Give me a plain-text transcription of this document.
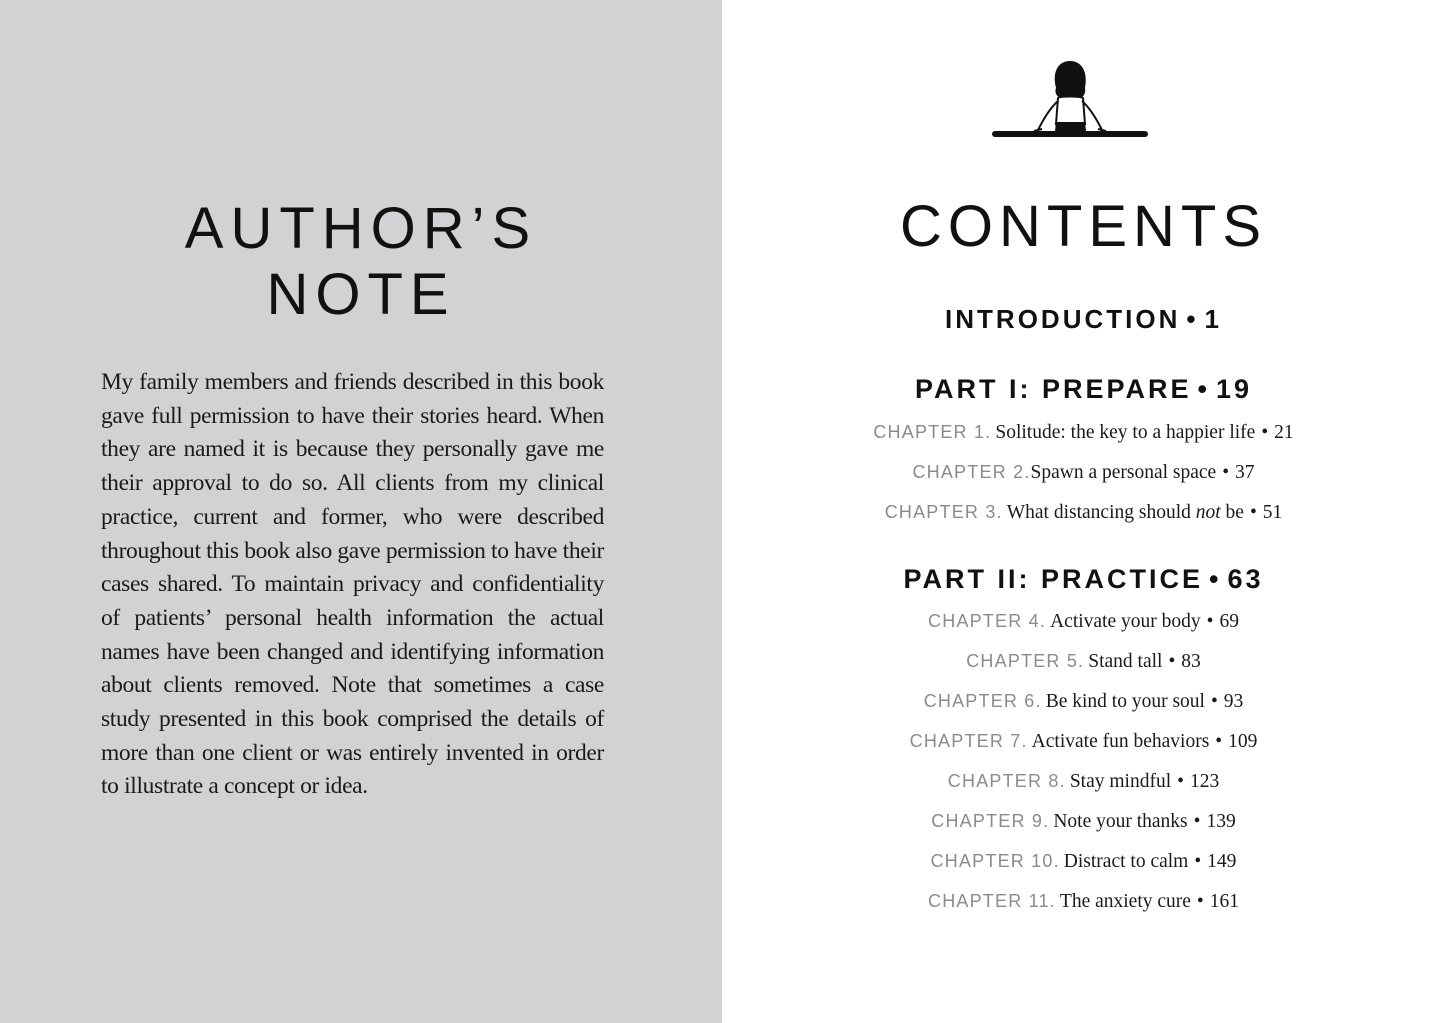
AUTHOR’S
NOTE

My family members and friends described in this book gave full permission to have their stories heard. When they are named it is because they personally gave me their approval to do so. All clients from my clinical practice, current and former, who were described throughout this book also gave permission to have their cases shared. To maintain privacy and confidentiality of patients’ personal health information the actual names have been changed and identifying information about clients removed. Note that sometimes a case study presented in this book comprised the details of more than one client or was entirely invented in order to illustrate a concept or idea.

CONTENTS
INTRODUCTION • 1
PART I: PREPARE • 19
CHAPTER 1. Solitude: the key to a happier life • 21
CHAPTER 2.Spawn a personal space • 37
CHAPTER 3. What distancing should not be • 51
PART II: PRACTICE • 63
CHAPTER 4. Activate your body • 69
CHAPTER 5. Stand tall • 83
CHAPTER 6. Be kind to your soul • 93
CHAPTER 7. Activate fun behaviors • 109
CHAPTER 8. Stay mindful • 123
CHAPTER 9. Note your thanks • 139
CHAPTER 10. Distract to calm • 149
CHAPTER 11. The anxiety cure • 161
